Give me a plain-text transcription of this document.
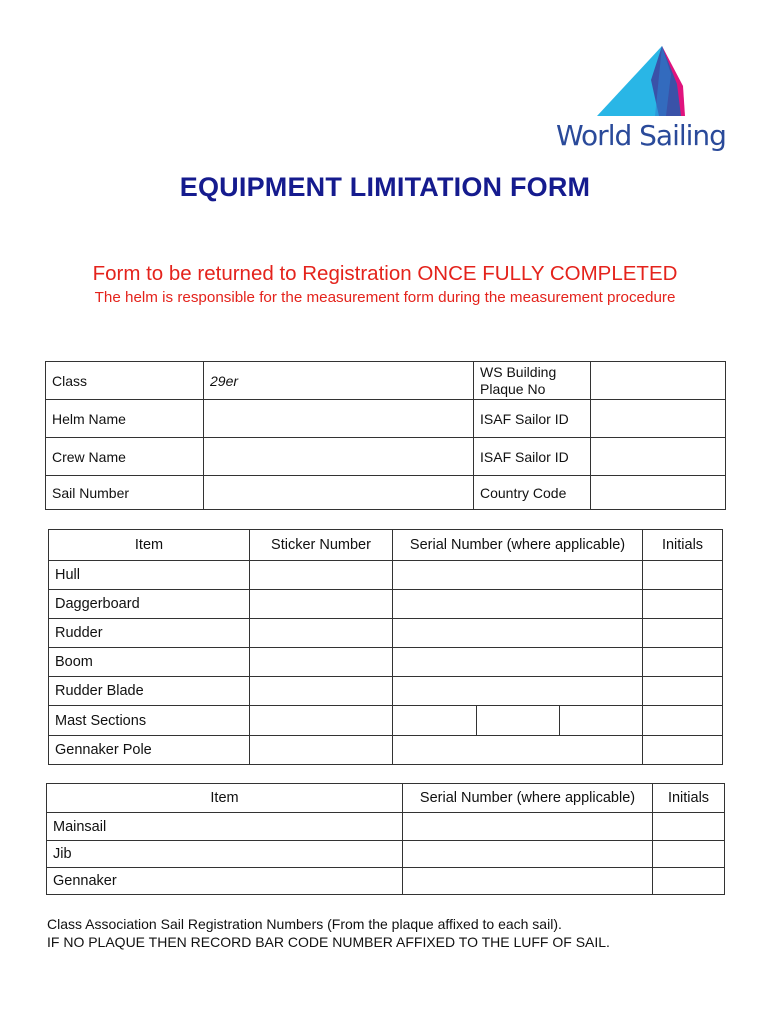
World Sailing
EQUIPMENT LIMITATION FORM
Form to be returned to Registration ONCE FULLY COMPLETED
The helm is responsible for the measurement form during the measurement procedure
Class	29er	WS Building
Plaque No	
Helm Name		ISAF Sailor ID	
Crew Name		ISAF Sailor ID	
Sail Number		Country Code	
Item	Sticker Number	Serial Number (where applicable)	Initials
Hull			
Daggerboard			
Rudder			
Boom			
Rudder Blade			
Mast Sections		

Gennaker Pole			
Item	Serial Number (where applicable)	Initials
Mainsail		
Jib		
Gennaker		
Class Association Sail Registration Numbers (From the plaque affixed to each sail).
IF NO PLAQUE THEN RECORD BAR CODE NUMBER AFFIXED TO THE LUFF OF SAIL.
